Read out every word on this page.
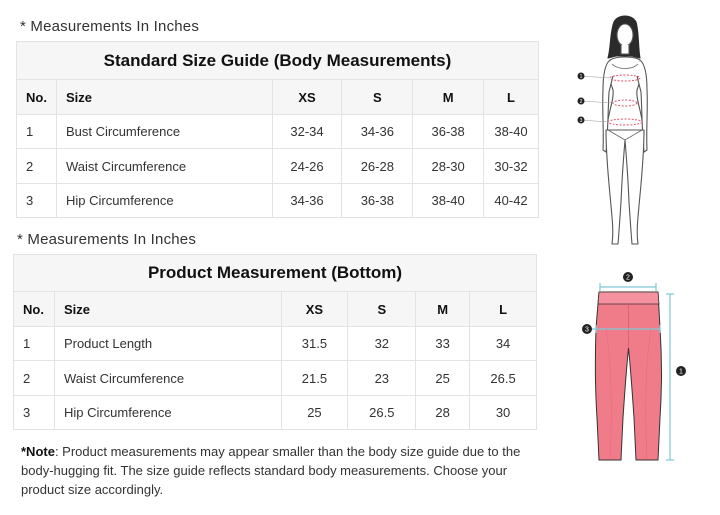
* Measurements In Inches
Standard Size Guide (Body Measurements)					
No.	Size	XS	S	M	L
1	Bust Circumference	32-34	34-36	36-38	38-40
2	Waist Circumference	24-26	26-28	28-30	30-32
3	Hip Circumference	34-36	36-38	38-40	40-42
* Measurements In Inches
Product Measurement (Bottom)					
No.	Size	XS	S	M	L
1	Product Length	31.5	32	33	34
2	Waist Circumference	21.5	23	25	26.5
3	Hip Circumference	25	26.5	28	30
*Note: Product measurements may appear smaller than the body size guide due to the body-hugging fit. The size guide reflects standard body measurements. Choose your product size accordingly.
1
2
3
2
3
1
